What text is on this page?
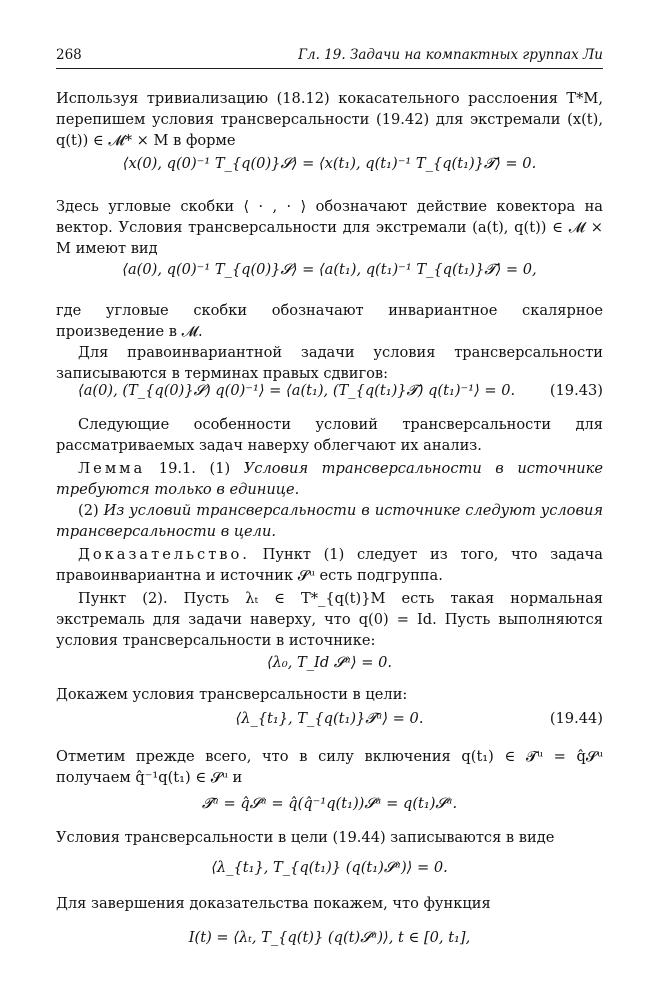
268	Гл. 19. Задачи на компактных группах Ли
Используя тривиализацию (18.12) кокасательного расслоения T*M, перепишем условия трансверсальности (19.42) для экстремали (x(t), q(t)) ∈ 𝓜* × M в форме
⟨x(0), q(0)⁻¹ T_{q(0)}𝓢⟩ = ⟨x(t₁), q(t₁)⁻¹ T_{q(t₁)}𝓣⟩ = 0.
Здесь угловые скобки ⟨ · , · ⟩ обозначают действие ковектора на вектор. Условия трансверсальности для экстремали (a(t), q(t)) ∈ 𝓜 × M имеют вид
⟨a(0), q(0)⁻¹ T_{q(0)}𝓢⟩ = ⟨a(t₁), q(t₁)⁻¹ T_{q(t₁)}𝓣⟩ = 0,
где угловые скобки обозначают инвариантное скалярное произведение в 𝓜.
Для правоинвариантной задачи условия трансверсальности записываются в терминах правых сдвигов:
⟨a(0), (T_{q(0)}𝓢) q(0)⁻¹⟩ = ⟨a(t₁), (T_{q(t₁)}𝓣) q(t₁)⁻¹⟩ = 0.	(19.43)
Следующие особенности условий трансверсальности для рассматриваемых задач наверху облегчают их анализ.
Лемма 19.1. (1) Условия трансверсальности в источнике требуются только в единице.
(2) Из условий трансверсальности в источнике следуют условия трансверсальности в цели.
Доказательство. Пункт (1) следует из того, что задача правоинвариантна и источник 𝓢ᵘ есть подгруппа.
Пункт (2). Пусть λₜ ∈ T*_{q(t)}M есть такая нормальная экстремаль для задачи наверху, что q(0) = Id. Пусть выполняются условия трансверсальности в источнике:
⟨λ₀, T_Id 𝓢ᵘ⟩ = 0.
Докажем условия трансверсальности в цели:
⟨λ_{t₁}, T_{q(t₁)}𝓣ᵘ⟩ = 0.	(19.44)
Отметим прежде всего, что в силу включения q(t₁) ∈ 𝓣ᵘ = q̂𝓢ᵘ получаем q̂⁻¹q(t₁) ∈ 𝓢ᵘ и
𝓣ᵘ = q̂𝓢ᵘ = q̂(q̂⁻¹q(t₁))𝓢ᵘ = q(t₁)𝓢ᵘ.
Условия трансверсальности в цели (19.44) записываются в виде
⟨λ_{t₁}, T_{q(t₁)} (q(t₁)𝓢ᵘ)⟩ = 0.
Для завершения доказательства покажем, что функция
I(t) = ⟨λₜ, T_{q(t)} (q(t)𝓢ᵘ)⟩, t ∈ [0, t₁],
